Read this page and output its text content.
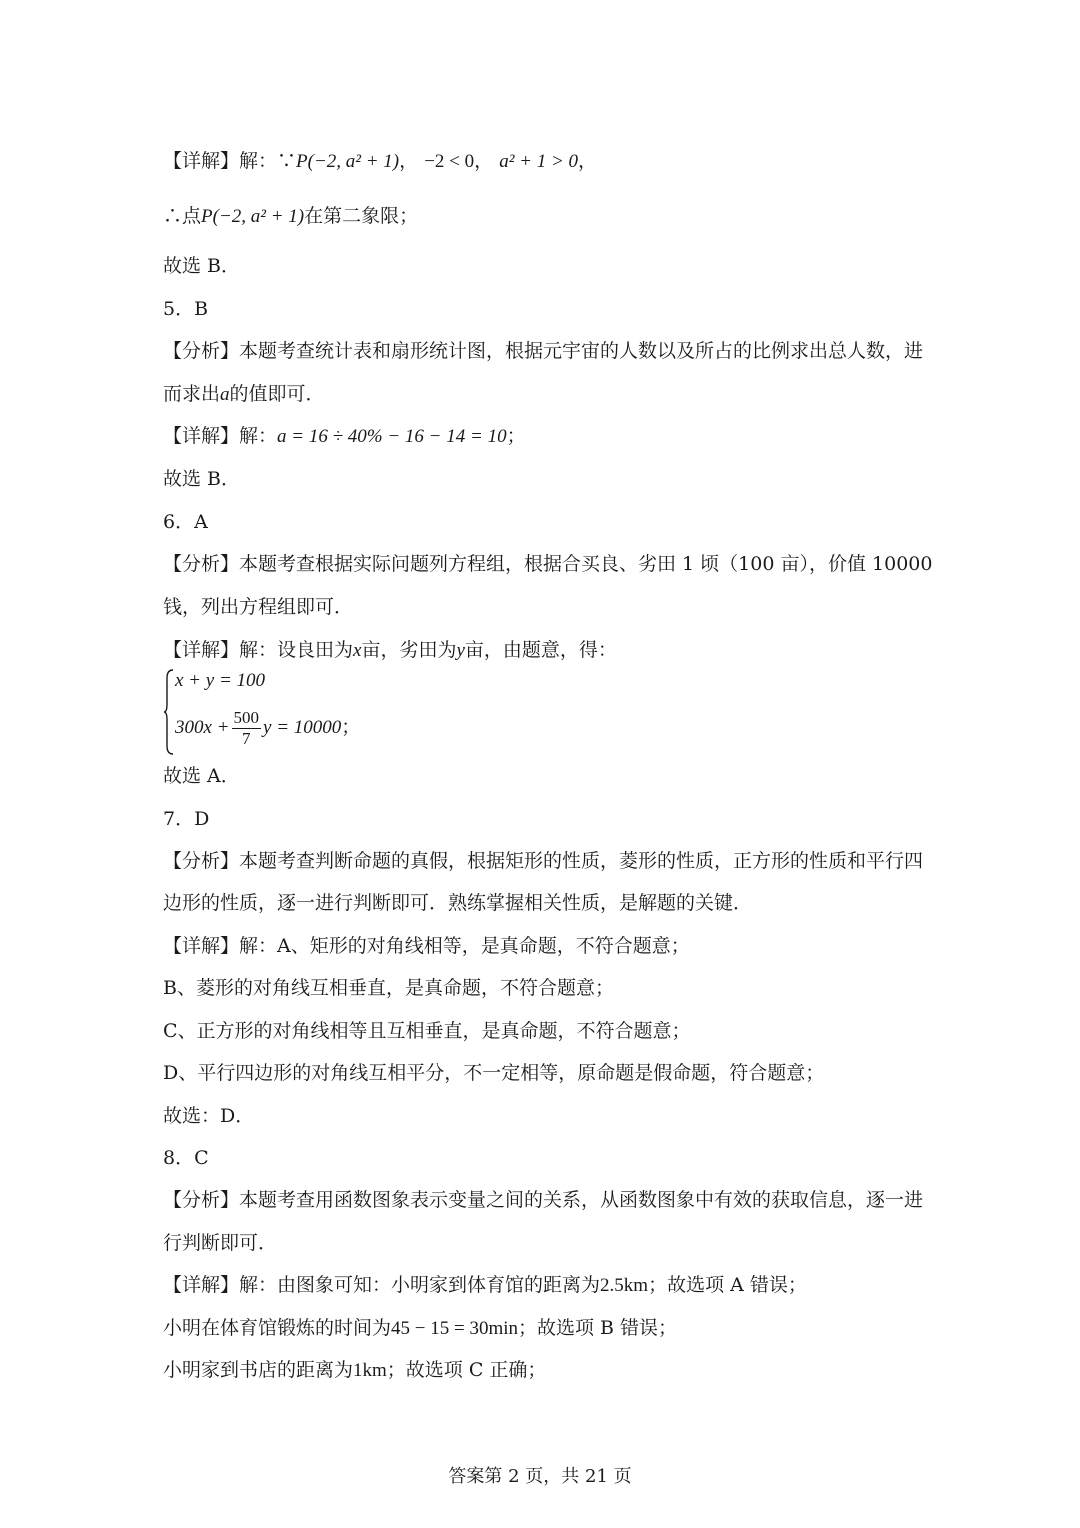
【详解】解：∵P(−2, a² + 1)， −2 < 0， a² + 1 > 0，
∴点P(−2, a² + 1)在第二象限；
故选 B．
5．B
【分析】本题考查统计表和扇形统计图，根据元宇宙的人数以及所占的比例求出总人数，进
而求出a的值即可．
【详解】解：a = 16 ÷ 40% − 16 − 14 = 10；
故选 B．
6．A
【分析】本题考查根据实际问题列方程组，根据合买良、劣田 1 顷（100 亩），价值 10000
钱，列出方程组即可．
【详解】解：设良田为x亩，劣田为y亩，由题意，得：
x + y = 100
$300x + \frac{500}{7}$ y = 10000；
故选 A．
7．D
【分析】本题考查判断命题的真假，根据矩形的性质，菱形的性质，正方形的性质和平行四
边形的性质，逐一进行判断即可．熟练掌握相关性质，是解题的关键．
【详解】解：A、矩形的对角线相等，是真命题，不符合题意；
B、菱形的对角线互相垂直，是真命题，不符合题意；
C、正方形的对角线相等且互相垂直，是真命题，不符合题意；
D、平行四边形的对角线互相平分，不一定相等，原命题是假命题，符合题意；
故选：D．
8．C
【分析】本题考查用函数图象表示变量之间的关系，从函数图象中有效的获取信息，逐一进
行判断即可．
【详解】解：由图象可知：小明家到体育馆的距离为2.5km；故选项 A 错误；
小明在体育馆锻炼的时间为45 − 15 = 30min；故选项 B 错误；
小明家到书店的距离为1km；故选项 C 正确；
答案第 2 页，共 21 页
